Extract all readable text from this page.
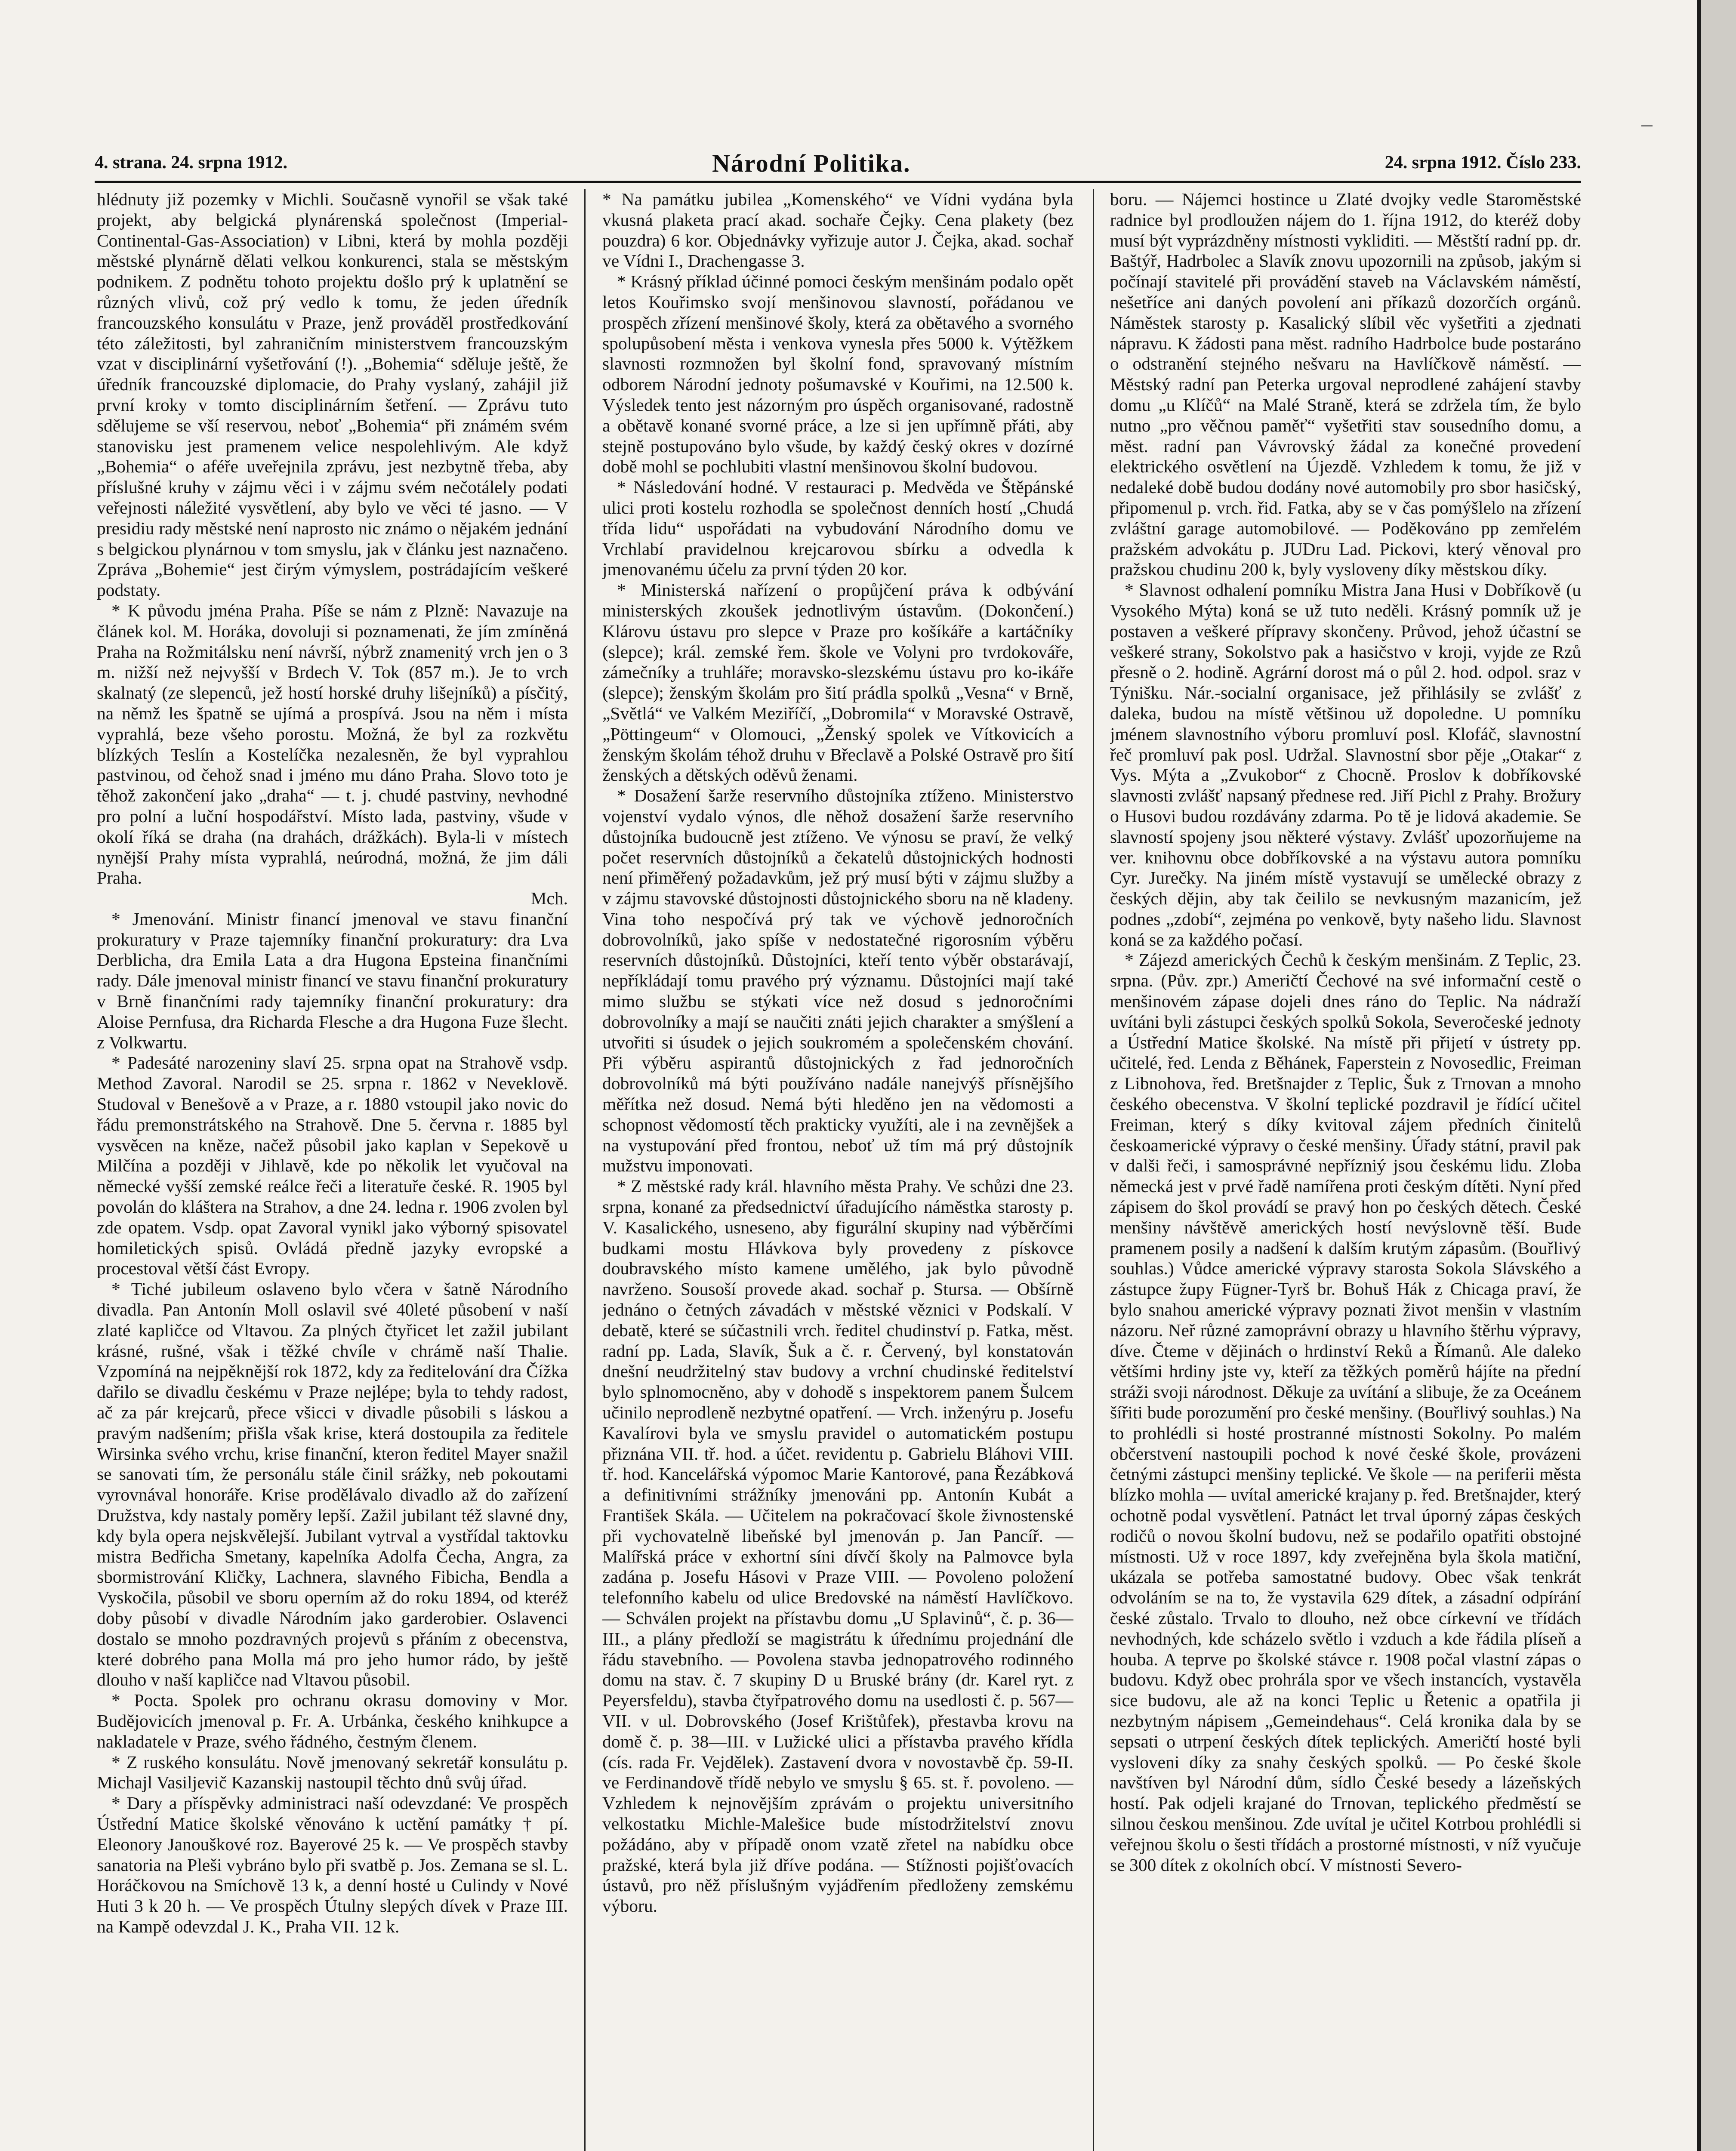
4. strana. 24. srpna 1912.	Národní Politika.	24. srpna 1912. Číslo 233.

hlédnuty již pozemky v Michli. Současně vynořil se však také projekt, aby belgická plynárenská společnost (Imperial-Continental-Gas-Association) v Libni, která by mohla později městské plynárně dělati velkou konkurenci, stala se městským podnikem. Z podnětu tohoto projektu došlo prý k uplatnění se různých vlivů, což prý vedlo k tomu, že jeden úředník francouzského konsulátu v Praze, jenž prováděl prostředkování této záležitosti, byl zahraničním ministerstvem francouzským vzat v disciplinární vyšetřování (!). „Bohemia“ sděluje ještě, že úředník francouzské diplomacie, do Prahy vyslaný, zahájil již první kroky v tomto disciplinárním šetření. — Zprávu tuto sdělujeme se vší reservou, neboť „Bohemia“ při známém svém stanovisku jest pramenem velice nespolehlivým. Ale když „Bohemia“ o aféře uveřejnila zprávu, jest nezbytně třeba, aby příslušné kruhy v zájmu věci i v zájmu svém nečotálely podati veřejnosti náležité vysvětlení, aby bylo ve věci té jasno. — V presidiu rady městské není naprosto nic známo o nějakém jednání s belgickou plynárnou v tom smyslu, jak v článku jest naznačeno. Zpráva „Bohemie“ jest čirým výmyslem, postrádajícím veškeré podstaty.

* K původu jména Praha. Píše se nám z Plzně: Navazuje na článek kol. M. Horáka, dovoluji si poznamenati, že jím zmíněná Praha na Rožmitálsku není návrší, nýbrž znamenitý vrch jen o 3 m. nižší než nejvyšší v Brdech V. Tok (857 m.). Je to vrch skalnatý (ze slepenců, jež hostí horské druhy lišejníků) a písčitý, na němž les špatně se ujímá a prospívá. Jsou na něm i místa vyprahlá, beze všeho porostu. Možná, že byl za rozkvětu blízkých Teslín a Kostelíčka nezalesněn, že byl vyprahlou pastvinou, od čehož snad i jméno mu dáno Praha. Slovo toto je těhož zakončení jako „draha“ — t. j. chudé pastviny, nevhodné pro polní a luční hospodářství. Místo lada, pastviny, všude v okolí říká se draha (na drahách, drážkách). Byla-li v místech nynější Prahy místa vyprahlá, neúrodná, možná, že jim dáli Praha.

Mch.

* Jmenování. Ministr financí jmenoval ve stavu finanční prokuratury v Praze tajemníky finanční prokuratury: dra Lva Derblicha, dra Emila Lata a dra Hugona Epsteina finančními rady. Dále jmenoval ministr financí ve stavu finanční prokuratury v Brně finančními rady tajemníky finanční prokuratury: dra Aloise Pernfusa, dra Richarda Flesche a dra Hugona Fuze šlecht. z Volkwartu.

* Padesáté narozeniny slaví 25. srpna opat na Strahově vsdp. Method Zavoral. Narodil se 25. srpna r. 1862 v Neveklově. Studoval v Benešově a v Praze, a r. 1880 vstoupil jako novic do řádu premonstrátského na Strahově. Dne 5. června r. 1885 byl vysvěcen na kněze, načež působil jako kaplan v Sepekově u Milčína a později v Jihlavě, kde po několik let vyučoval na německé vyšší zemské reálce řeči a literatuře české. R. 1905 byl povolán do kláštera na Strahov, a dne 24. ledna r. 1906 zvolen byl zde opatem. Vsdp. opat Zavoral vynikl jako výborný spisovatel homiletických spisů. Ovládá předně jazyky evropské a procestoval větší část Evropy.

* Tiché jubileum oslaveno bylo včera v šatně Národního divadla. Pan Antonín Moll oslavil své 40leté působení v naší zlaté kapličce od Vltavou. Za plných čtyřicet let zažil jubilant krásné, rušné, však i těžké chvíle v chrámě naší Thalie. Vzpomíná na nejpěknější rok 1872, kdy za ředitelování dra Čížka dařilo se divadlu českému v Praze nejlépe; byla to tehdy radost, ač za pár krejcarů, přece všicci v divadle působili s láskou a pravým nadšením; přišla však krise, která dostoupila za ředitele Wirsinka svého vrchu, krise finanční, kteron ředitel Mayer snažil se sanovati tím, že personálu stále činil srážky, neb pokoutami vyrovnával honoráře. Krise prodělávalo divadlo až do zařízení Družstva, kdy nastaly poměry lepší. Zažil jubilant též slavné dny, kdy byla opera nejskvělejší. Jubilant vytrval a vystřídal taktovku mistra Bedřicha Smetany, kapelníka Adolfa Čecha, Angra, za sbormistrování Kličky, Lachnera, slavného Fibicha, Bendla a Vyskočila, působil ve sboru operním až do roku 1894, od kteréž doby působí v divadle Národním jako garderobier. Oslavenci dostalo se mnoho pozdravných projevů s přáním z obecenstva, které dobrého pana Molla má pro jeho humor rádo, by ještě dlouho v naší kapličce nad Vltavou působil.

* Pocta. Spolek pro ochranu okrasu domoviny v Mor. Budějovicích jmenoval p. Fr. A. Urbánka, českého knihkupce a nakladatele v Praze, svého řádného, čestným členem.

* Z ruského konsulátu. Nově jmenovaný sekretář konsulátu p. Michajl Vasiljevič Kazanskij nastoupil těchto dnů svůj úřad.

* Dary a příspěvky administraci naší odevzdané: Ve prospěch Ústřední Matice školské věnováno k uctění památky † pí. Eleonory Janouškové roz. Bayerové 25 k. — Ve prospěch stavby sanatoria na Pleši vybráno bylo při svatbě p. Jos. Zemana se sl. L. Horáčkovou na Smíchově 13 k, a denní hosté u Culindy v Nové Huti 3 k 20 h. — Ve prospěch Útulny slepých dívek v Praze III. na Kampě odevzdal J. K., Praha VII. 12 k.

* Na památku jubilea „Komenského“ ve Vídni vydána byla vkusná plaketa prací akad. sochaře Čejky. Cena plakety (bez pouzdra) 6 kor. Objednávky vyřizuje autor J. Čejka, akad. sochař ve Vídni I., Drachengasse 3.

* Krásný příklad účinné pomoci českým menšinám podalo opět letos Kouřimsko svojí menšinovou slavností, pořádanou ve prospěch zřízení menšinové školy, která za obětavého a svorného spolupůsobení města i venkova vynesla přes 5000 k. Výtěžkem slavnosti rozmnožen byl školní fond, spravovaný místním odborem Národní jednoty pošumavské v Kouřimi, na 12.500 k. Výsledek tento jest názorným pro úspěch organisované, radostně a obětavě konané svorné práce, a lze si jen upřímně přáti, aby stejně postupováno bylo všude, by každý český okres v dozírné době mohl se pochlubiti vlastní menšinovou školní budovou.

* Následování hodné. V restauraci p. Medvěda ve Štěpánské ulici proti kostelu rozhodla se společnost denních hostí „Chudá třída lidu“ uspořádati na vybudování Národního domu ve Vrchlabí pravidelnou krejcarovou sbírku a odvedla k jmenovanému účelu za první týden 20 kor.

* Ministerská nařízení o propůjčení práva k odbývání ministerských zkoušek jednotlivým ústavům. (Dokončení.) Klárovu ústavu pro slepce v Praze pro košíkáře a kartáčníky (slepce); král. zemské řem. škole ve Volyni pro tvrdokováře, zámečníky a truhláře; moravsko-slezskému ústavu pro ko-ikáře (slepce); ženským školám pro šití prádla spolků „Vesna“ v Brně, „Světlá“ ve Valkém Meziříčí, „Dobromila“ v Moravské Ostravě, „Pöttingeum“ v Olomouci, „Ženský spolek ve Vítkovicích a ženským školám téhož druhu v Břeclavě a Polské Ostravě pro šití ženských a dětských oděvů ženami.

* Dosažení šarže reservního důstojníka ztíženo. Ministerstvo vojenství vydalo výnos, dle něhož dosažení šarže reservního důstojníka budoucně jest ztíženo. Ve výnosu se praví, že velký počet reservních důstojníků a čekatelů důstojnických hodnosti není přiměřený požadavkům, jež prý musí býti v zájmu služby a v zájmu stavovské důstojnosti důstojnického sboru na ně kladeny. Vina toho nespočívá prý tak ve výchově jednoročních dobrovolníků, jako spíše v nedostatečné rigorosním výběru reservních důstojníků. Důstojníci, kteří tento výběr obstarávají, nepříkládají tomu pravého prý významu. Důstojníci mají také mimo službu se stýkati více než dosud s jednoročními dobrovolníky a mají se naučiti znáti jejich charakter a smýšlení a utvořiti si úsudek o jejich soukromém a společenském chování. Při výběru aspirantů důstojnických z řad jednoročních dobrovolníků má býti používáno nadále nanejvýš přísnějšího měřítka než dosud. Nemá býti hleděno jen na vědomosti a schopnost vědomostí těch prakticky využíti, ale i na zevnějšek a na vystupování před frontou, neboť už tím má prý důstojník mužstvu imponovati.

* Z městské rady král. hlavního města Prahy. Ve schůzi dne 23. srpna, konané za předsednictví úřadujícího náměstka starosty p. V. Kasalického, usneseno, aby figurální skupiny nad výběrčími budkami mostu Hlávkova byly provedeny z pískovce doubravského místo kamene umělého, jak bylo původně navrženo. Sousoší provede akad. sochař p. Stursa. — Obšírně jednáno o četných závadách v městské věznici v Podskalí. V debatě, které se súčastnili vrch. ředitel chudinství p. Fatka, měst. radní pp. Lada, Slavík, Šuk a č. r. Červený, byl konstatován dnešní neudržitelný stav budovy a vrchní chudinské ředitelství bylo splnomocněno, aby v dohodě s inspektorem panem Šulcem učinilo neprodleně nezbytné opatření. — Vrch. inženýru p. Josefu Kavalírovi byla ve smyslu pravidel o automatickém postupu přiznána VII. tř. hod. a účet. revidentu p. Gabrielu Bláhovi VIII. tř. hod. Kancelářská výpomoc Marie Kantorové, pana Řezábková a definitivními strážníky jmenováni pp. Antonín Kubát a František Skála. — Učitelem na pokračovací škole živnostenské při vychovatelně libeňské byl jmenován p. Jan Pancíř. — Malířská práce v exhortní síni dívčí školy na Palmovce byla zadána p. Josefu Hásovi v Praze VIII. — Povoleno položení telefonního kabelu od ulice Bredovské na náměstí Havlíčkovo. — Schválen projekt na přístavbu domu „U Splavinů“, č. p. 36—III., a plány předloží se magistrátu k úřednímu projednání dle řádu stavebního. — Povolena stavba jednopatrového rodinného domu na stav. č. 7 skupiny D u Bruské brány (dr. Karel ryt. z Peyersfeldu), stavba čtyřpatrového domu na usedlosti č. p. 567—VII. v ul. Dobrovského (Josef Krištůfek), přestavba krovu na domě č. p. 38—III. v Lužické ulici a přístavba pravého křídla (cís. rada Fr. Vejdělek). Zastavení dvora v novostavbě čp. 59-II. ve Ferdinandově třídě nebylo ve smyslu § 65. st. ř. povoleno. — Vzhledem k nejnovějším zprávám o projektu universitního velkostatku Michle-Malešice bude místodržitelství znovu požádáno, aby v případě onom vzatě zřetel na nabídku obce pražské, která byla již dříve podána. — Stížnosti pojišťovacích ústavů, pro něž příslušným vyjádřením předloženy zemskému výboru.

boru. — Nájemci hostince u Zlaté dvojky vedle Staroměstské radnice byl prodloužen nájem do 1. října 1912, do kteréž doby musí být vyprázdněny místnosti vykliditi. — Městští radní pp. dr. Baštýř, Hadrbolec a Slavík znovu upozornili na způsob, jakým si počínají stavitelé při provádění staveb na Václavském náměstí, nešetříce ani daných povolení ani příkazů dozorčích orgánů. Náměstek starosty p. Kasalický slíbil věc vyšetřiti a zjednati nápravu. K žádosti pana měst. radního Hadrbolce bude postaráno o odstranění stejného nešvaru na Havlíčkově náměstí. — Městský radní pan Peterka urgoval neprodlené zahájení stavby domu „u Klíčů“ na Malé Straně, která se zdržela tím, že bylo nutno „pro věčnou paměť“ vyšetřiti stav sousedního domu, a měst. radní pan Vávrovský žádal za konečné provedení elektrického osvětlení na Újezdě. Vzhledem k tomu, že již v nedaleké době budou dodány nové automobily pro sbor hasičský, připomenul p. vrch. řid. Fatka, aby se v čas pomýšlelo na zřízení zvláštní garage automobilové. — Poděkováno pp zemřelém pražském advokátu p. JUDru Lad. Pickovi, který věnoval pro pražskou chudinu 200 k, byly vysloveny díky městskou díky.

* Slavnost odhalení pomníku Mistra Jana Husi v Dobříkově (u Vysokého Mýta) koná se už tuto neděli. Krásný pomník už je postaven a veškeré přípravy skončeny. Průvod, jehož účastní se veškeré strany, Sokolstvo pak a hasičstvo v kroji, vyjde ze Rzů přesně o 2. hodině. Agrární dorost má o půl 2. hod. odpol. sraz v Týnišku. Nár.-socialní organisace, jež přihlásily se zvlášť z daleka, budou na místě většinou už dopoledne. U pomníku jménem slavnostního výboru promluví posl. Klofáč, slavnostní řeč promluví pak posl. Udržal. Slavnostní sbor pěje „Otakar“ z Vys. Mýta a „Zvukobor“ z Chocně. Proslov k dobříkovské slavnosti zvlášť napsaný přednese red. Jiří Pichl z Prahy. Brožury o Husovi budou rozdávány zdarma. Po tě je lidová akademie. Se slavností spojeny jsou některé výstavy. Zvlášť upozorňujeme na ver. knihovnu obce dobříkovské a na výstavu autora pomníku Cyr. Jurečky. Na jiném místě vystavují se umělecké obrazy z českých dějin, aby tak čeililo se nevkusným mazanicím, jež podnes „zdobí“, zejména po venkově, byty našeho lidu. Slavnost koná se za každého počasí.

* Zájezd amerických Čechů k českým menšinám. Z Teplic, 23. srpna. (Pův. zpr.) Američtí Čechové na své informační cestě o menšinovém zápase dojeli dnes ráno do Teplic. Na nádraží uvítáni byli zástupci českých spolků Sokola, Severočeské jednoty a Ústřední Matice školské. Na místě při přijetí v ústrety pp. učitelé, řed. Lenda z Běhánek, Faperstein z Novosedlic, Freiman z Libnohova, řed. Bretšnajder z Teplic, Šuk z Trnovan a mnoho českého obecenstva. V školní teplické pozdravil je řídící učitel Freiman, který s díky kvitoval zájem předních činitelů českoamerické výpravy o české menšiny. Úřady státní, pravil pak v dalši řeči, i samosprávné nepřízniý jsou českému lidu. Zloba německá jest v prvé řadě namířena proti českým dítěti. Nyní před zápisem do škol provádí se pravý hon po českých dětech. České menšiny návštěvě amerických hostí nevýslovně těší. Bude pramenem posily a nadšení k dalším krutým zápasům. (Bouřlivý souhlas.) Vůdce americké výpravy starosta Sokola Slávského a zástupce župy Fügner-Tyrš br. Bohuš Hák z Chicaga praví, že bylo snahou americké výpravy poznati život menšin v vlastním názoru. Neř různé zamoprávní obrazy u hlavního štěrhu výpravy, díve. Čteme v dějinách o hrdinství Reků a Římanů. Ale daleko většími hrdiny jste vy, kteří za těžkých poměrů hájíte na přední stráži svoji národnost. Děkuje za uvítání a slibuje, že za Oceánem šířiti bude porozumění pro české menšiny. (Bouřlivý souhlas.) Na to prohlédli si hosté prostranné místnosti Sokolny. Po malém občerstvení nastoupili pochod k nové české škole, provázeni četnými zástupci menšiny teplické. Ve škole — na periferii města blízko mohla — uvítal americké krajany p. řed. Bretšnajder, který ochotně podal vysvětlení. Patnáct let trval úporný zápas českých rodičů o novou školní budovu, než se podařilo opatřiti obstojné místnosti. Už v roce 1897, kdy zveřejněna byla škola matiční, ukázala se potřeba samostatné budovy. Obec však tenkrát odvoláním se na to, že vystavila 629 dítek, a zásadní odpírání české zůstalo. Trvalo to dlouho, než obce církevní ve třídách nevhodných, kde scházelo světlo i vzduch a kde řádila plíseň a houba. A teprve po školské stávce r. 1908 počal vlastní zápas o budovu. Když obec prohrála spor ve všech instancích, vystavěla sice budovu, ale až na konci Teplic u Řetenic a opatřila ji nezbytným nápisem „Gemeindehaus“. Celá kronika dala by se sepsati o utrpení českých dítek teplických. Američtí hosté byli vysloveni díky za snahy českých spolků. — Po české škole navštíven byl Národní dům, sídlo České besedy a lázeňských hostí. Pak odjeli krajané do Trnovan, teplického předměstí se silnou českou menšinou. Zde uvítal je učitel Kotrbou prohlédli si veřejnou školu o šesti třídách a prostorné místnosti, v níž vyučuje se 300 dítek z okolních obcí. V místnosti Severo-
